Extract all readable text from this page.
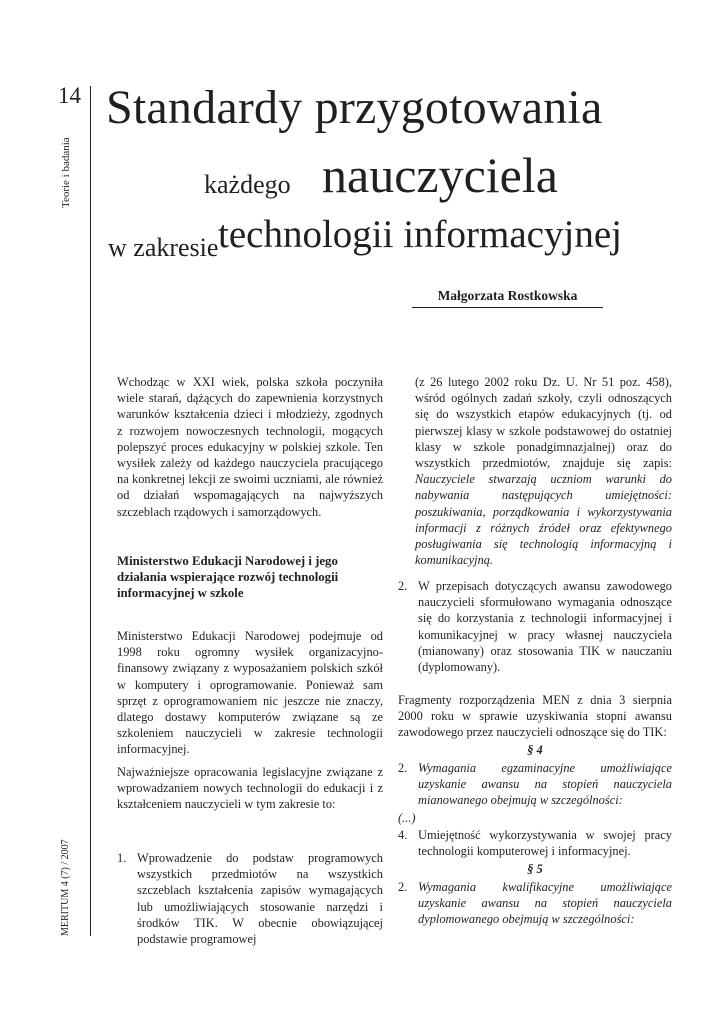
14
Teorie i badania
MERITUM 4 (7) / 2007
Standardy przygotowania
każdego nauczyciela
w zakresie technologii informacyjnej
Małgorzata Rostkowska

Wchodząc w XXI wiek, polska szkoła poczyniła wiele starań, dążących do zapewnienia korzystnych warunków kształcenia dzieci i młodzieży, zgodnych z rozwojem nowoczesnych technologii, mogących polepszyć proces edukacyjny w polskiej szkole. Ten wysiłek zależy od każdego nauczyciela pracującego na konkretnej lekcji ze swoimi uczniami, ale również od działań wspomagających na najwyższych szczeblach rządowych i samorządowych.

Ministerstwo Edukacji Narodowej i jego działania wspierające rozwój technologii informacyjnej w szkole

Ministerstwo Edukacji Narodowej podejmuje od 1998 roku ogromny wysiłek organizacyjno-finansowy związany z wyposażaniem polskich szkół w komputery i oprogramowanie. Ponieważ sam sprzęt z oprogramowaniem nic jeszcze nie znaczy, dlatego dostawy komputerów związane są ze szkoleniem nauczycieli w zakresie technologii informacyjnej.

Najważniejsze opracowania legislacyjne związane z wprowadzaniem nowych technologii do edukacji i z kształceniem nauczycieli w tym zakresie to:

1. Wprowadzenie do podstaw programowych wszystkich przedmiotów na wszystkich szczeblach kształcenia zapisów wymagających lub umożliwiających stosowanie narzędzi i środków TIK. W obecnie obowiązującej podstawie programowej
(z 26 lutego 2002 roku Dz. U. Nr 51 poz. 458), wśród ogólnych zadań szkoły, czyli odnoszących się do wszystkich etapów edukacyjnych (tj. od pierwszej klasy w szkole podstawowej do ostatniej klasy w szkole ponadgimnazjalnej) oraz do wszystkich przedmiotów, znajduje się zapis: Nauczyciele stwarzają uczniom warunki do nabywania następujących umiejętności: poszukiwania, porządkowania i wykorzystywania informacji z różnych źródeł oraz efektywnego posługiwania się technologią informacyjną i komunikacyjną.
2. W przepisach dotyczących awansu zawodowego nauczycieli sformułowano wymagania odnoszące się do korzystania z technologii informacyjnej i komunikacyjnej w pracy własnej nauczyciela (mianowany) oraz stosowania TIK w nauczaniu (dyplomowany).

Fragmenty rozporządzenia MEN z dnia 3 sierpnia 2000 roku w sprawie uzyskiwania stopni awansu zawodowego przez nauczycieli odnoszące się do TIK:

§ 4
2. Wymagania egzaminacyjne umożliwiające uzyskanie awansu na stopień nauczyciela mianowanego obejmują w szczególności:
(...)
4. Umiejętność wykorzystywania w swojej pracy technologii komputerowej i informacyjnej.
§ 5
2. Wymagania kwalifikacyjne umożliwiające uzyskanie awansu na stopień nauczyciela dyplomowanego obejmują w szczególności:
